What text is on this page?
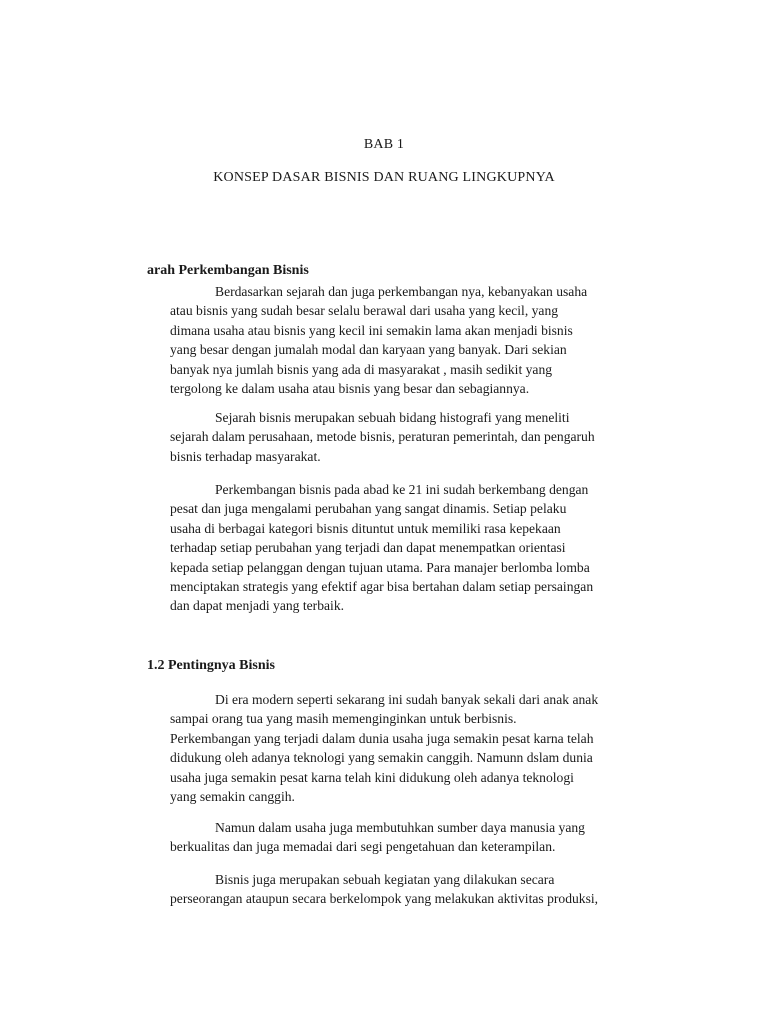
BAB 1
KONSEP DASAR BISNIS DAN RUANG LINGKUPNYA
arah Perkembangan Bisnis
Berdasarkan sejarah dan juga perkembangan nya, kebanyakan usaha
atau bisnis yang sudah besar selalu berawal dari usaha yang kecil, yang
dimana usaha atau bisnis yang kecil ini semakin lama akan menjadi bisnis
yang besar dengan jumalah modal dan karyaan yang banyak. Dari sekian
banyak nya jumlah bisnis yang ada di masyarakat , masih sedikit yang
tergolong ke dalam usaha atau bisnis yang besar dan sebagiannya.
Sejarah bisnis merupakan sebuah bidang histografi yang meneliti
sejarah dalam perusahaan, metode bisnis, peraturan pemerintah, dan pengaruh
bisnis terhadap masyarakat.
Perkembangan bisnis pada abad ke 21 ini sudah berkembang dengan
pesat dan juga mengalami perubahan yang sangat dinamis. Setiap pelaku
usaha di berbagai kategori bisnis dituntut untuk memiliki rasa kepekaan
terhadap setiap perubahan yang terjadi dan dapat menempatkan orientasi
kepada setiap pelanggan dengan tujuan utama. Para manajer berlomba lomba
menciptakan strategis yang efektif agar bisa bertahan dalam setiap persaingan
dan dapat menjadi yang terbaik.
1.2 Pentingnya Bisnis
Di era modern seperti sekarang ini sudah banyak sekali dari anak anak
sampai orang tua yang masih memenginginkan untuk berbisnis.
Perkembangan yang terjadi dalam dunia usaha juga semakin pesat karna telah
didukung oleh adanya teknologi yang semakin canggih. Namunn dslam dunia
usaha juga semakin pesat karna telah kini didukung oleh adanya teknologi
yang semakin canggih.
Namun dalam usaha juga membutuhkan sumber daya manusia yang
berkualitas dan juga memadai dari segi pengetahuan dan keterampilan.
Bisnis juga merupakan sebuah kegiatan yang dilakukan secara
perseorangan ataupun secara berkelompok yang melakukan aktivitas produksi,
